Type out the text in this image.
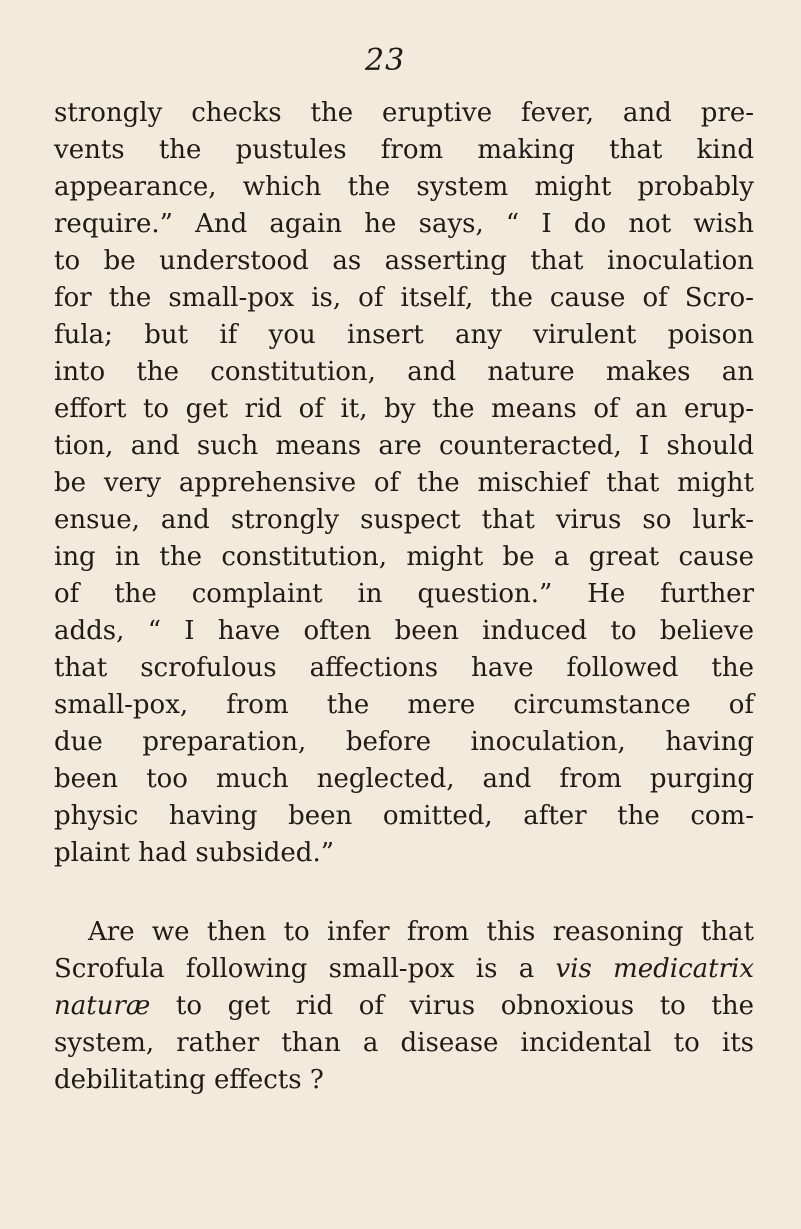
23
strongly checks the eruptive fever, and pre-
vents the pustules from making that kind
appearance, which the system might probably
require.” And again he says, “ I do not wish
to be understood as asserting that inoculation
for the small-pox is, of itself, the cause of Scro-
fula; but if you insert any virulent poison
into the constitution, and nature makes an
effort to get rid of it, by the means of an erup-
tion, and such means are counteracted, I should
be very apprehensive of the mischief that might
ensue, and strongly suspect that virus so lurk-
ing in the constitution, might be a great cause
of the complaint in question.” He further
adds, “ I have often been induced to believe
that scrofulous affections have followed the
small-pox, from the mere circumstance of
due preparation, before inoculation, having
been too much neglected, and from purging
physic having been omitted, after the com-
plaint had subsided.”
Are we then to infer from this reasoning that
Scrofula following small-pox is a vis medicatrix
naturæ to get rid of virus obnoxious to the
system, rather than a disease incidental to its
debilitating effects ?
